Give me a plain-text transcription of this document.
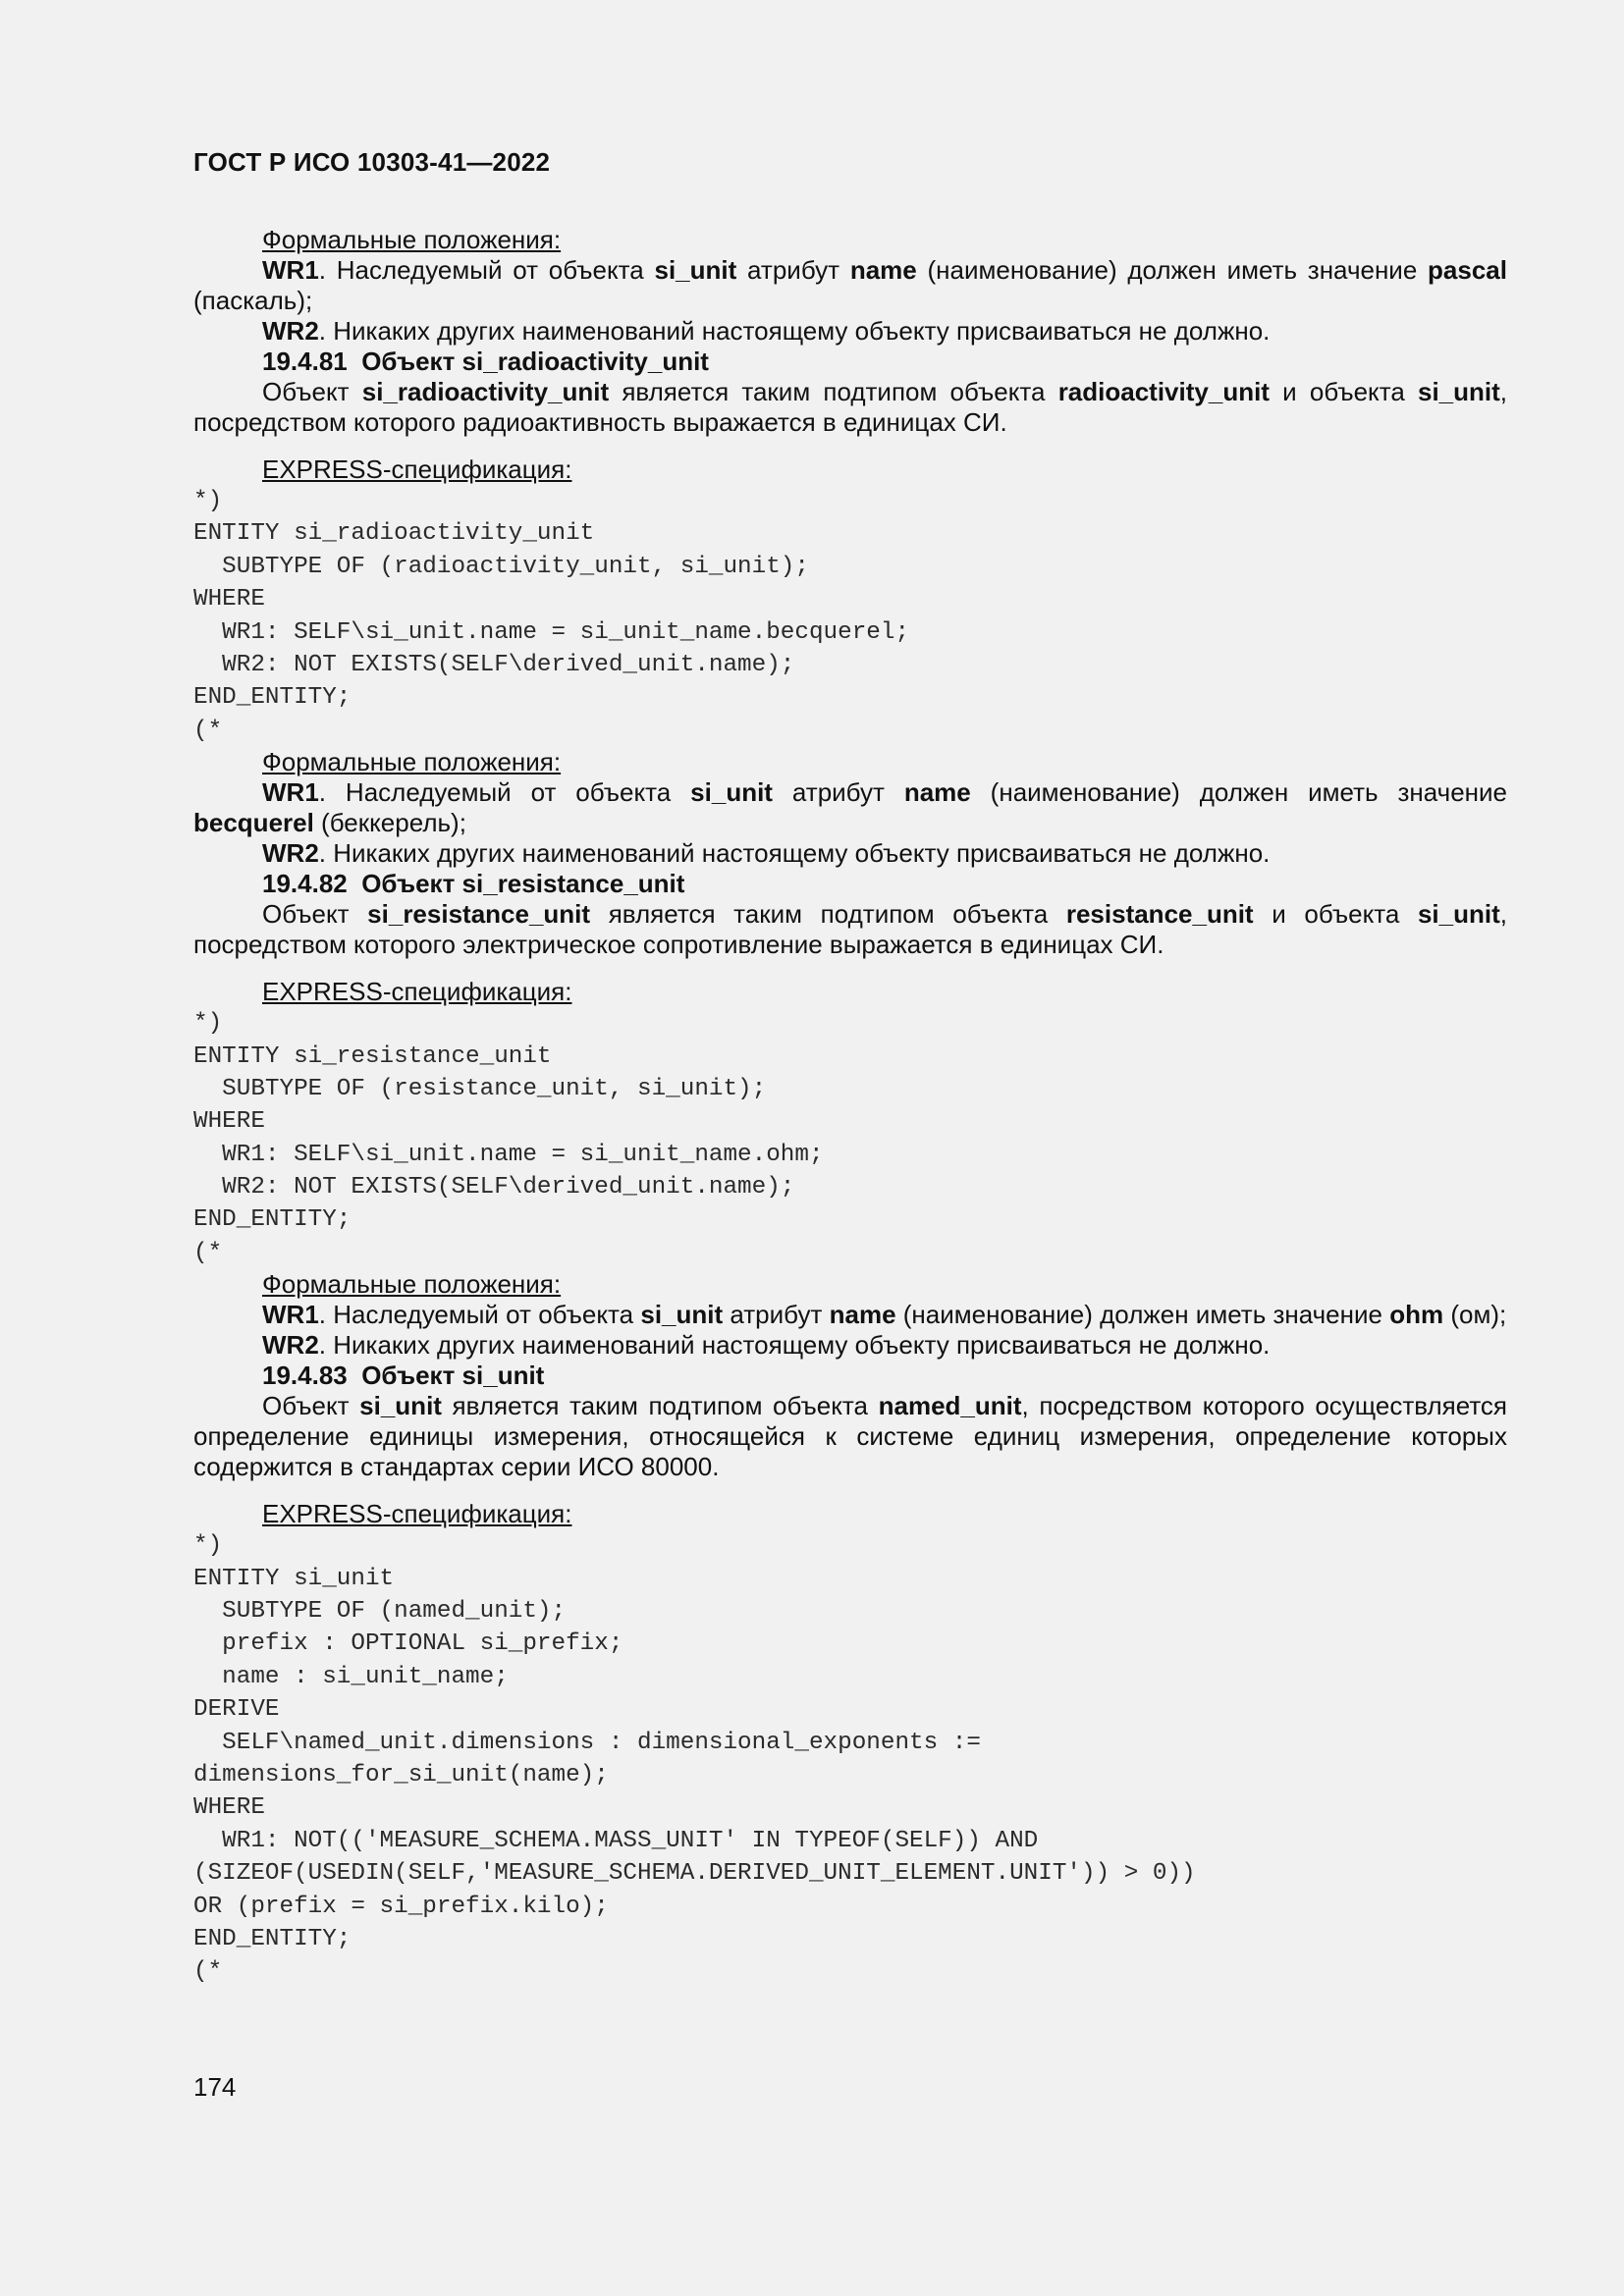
ГОСТ Р ИСО 10303-41—2022

Формальные положения:

WR1. Наследуемый от объекта si_unit атрибут name (наименование) должен иметь значение pascal (паскаль);

WR2. Никаких других наименований настоящему объекту присваиваться не должно.

19.4.81 Объект si_radioactivity_unit

Объект si_radioactivity_unit является таким подтипом объекта radioactivity_unit и объекта si_unit, посредством которого радиоактивность выражается в единицах СИ.

EXPRESS-спецификация:

*)
ENTITY si_radioactivity_unit
SUBTYPE OF (radioactivity_unit, si_unit);
WHERE
WR1: SELF\si_unit.name = si_unit_name.becquerel;
WR2: NOT EXISTS(SELF\derived_unit.name);
END_ENTITY;
(*

Формальные положения:

WR1. Наследуемый от объекта si_unit атрибут name (наименование) должен иметь значение becquerel (беккерель);

WR2. Никаких других наименований настоящему объекту присваиваться не должно.

19.4.82 Объект si_resistance_unit

Объект si_resistance_unit является таким подтипом объекта resistance_unit и объекта si_unit, посредством которого электрическое сопротивление выражается в единицах СИ.

EXPRESS-спецификация:

*)
ENTITY si_resistance_unit
SUBTYPE OF (resistance_unit, si_unit);
WHERE
WR1: SELF\si_unit.name = si_unit_name.ohm;
WR2: NOT EXISTS(SELF\derived_unit.name);
END_ENTITY;
(*

Формальные положения:

WR1. Наследуемый от объекта si_unit атрибут name (наименование) должен иметь значение ohm (ом);

WR2. Никаких других наименований настоящему объекту присваиваться не должно.

19.4.83 Объект si_unit

Объект si_unit является таким подтипом объекта named_unit, посредством которого осуществляется определение единицы измерения, относящейся к системе единиц измерения, определение которых содержится в стандартах серии ИСО 80000.

EXPRESS-спецификация:

*)
ENTITY si_unit
SUBTYPE OF (named_unit);
prefix : OPTIONAL si_prefix;
name : si_unit_name;
DERIVE
SELF\named_unit.dimensions : dimensional_exponents :=
dimensions_for_si_unit(name);
WHERE
WR1: NOT(('MEASURE_SCHEMA.MASS_UNIT' IN TYPEOF(SELF)) AND
(SIZEOF(USEDIN(SELF,'MEASURE_SCHEMA.DERIVED_UNIT_ELEMENT.UNIT')) > 0))
OR (prefix = si_prefix.kilo);
END_ENTITY;
(*
174
